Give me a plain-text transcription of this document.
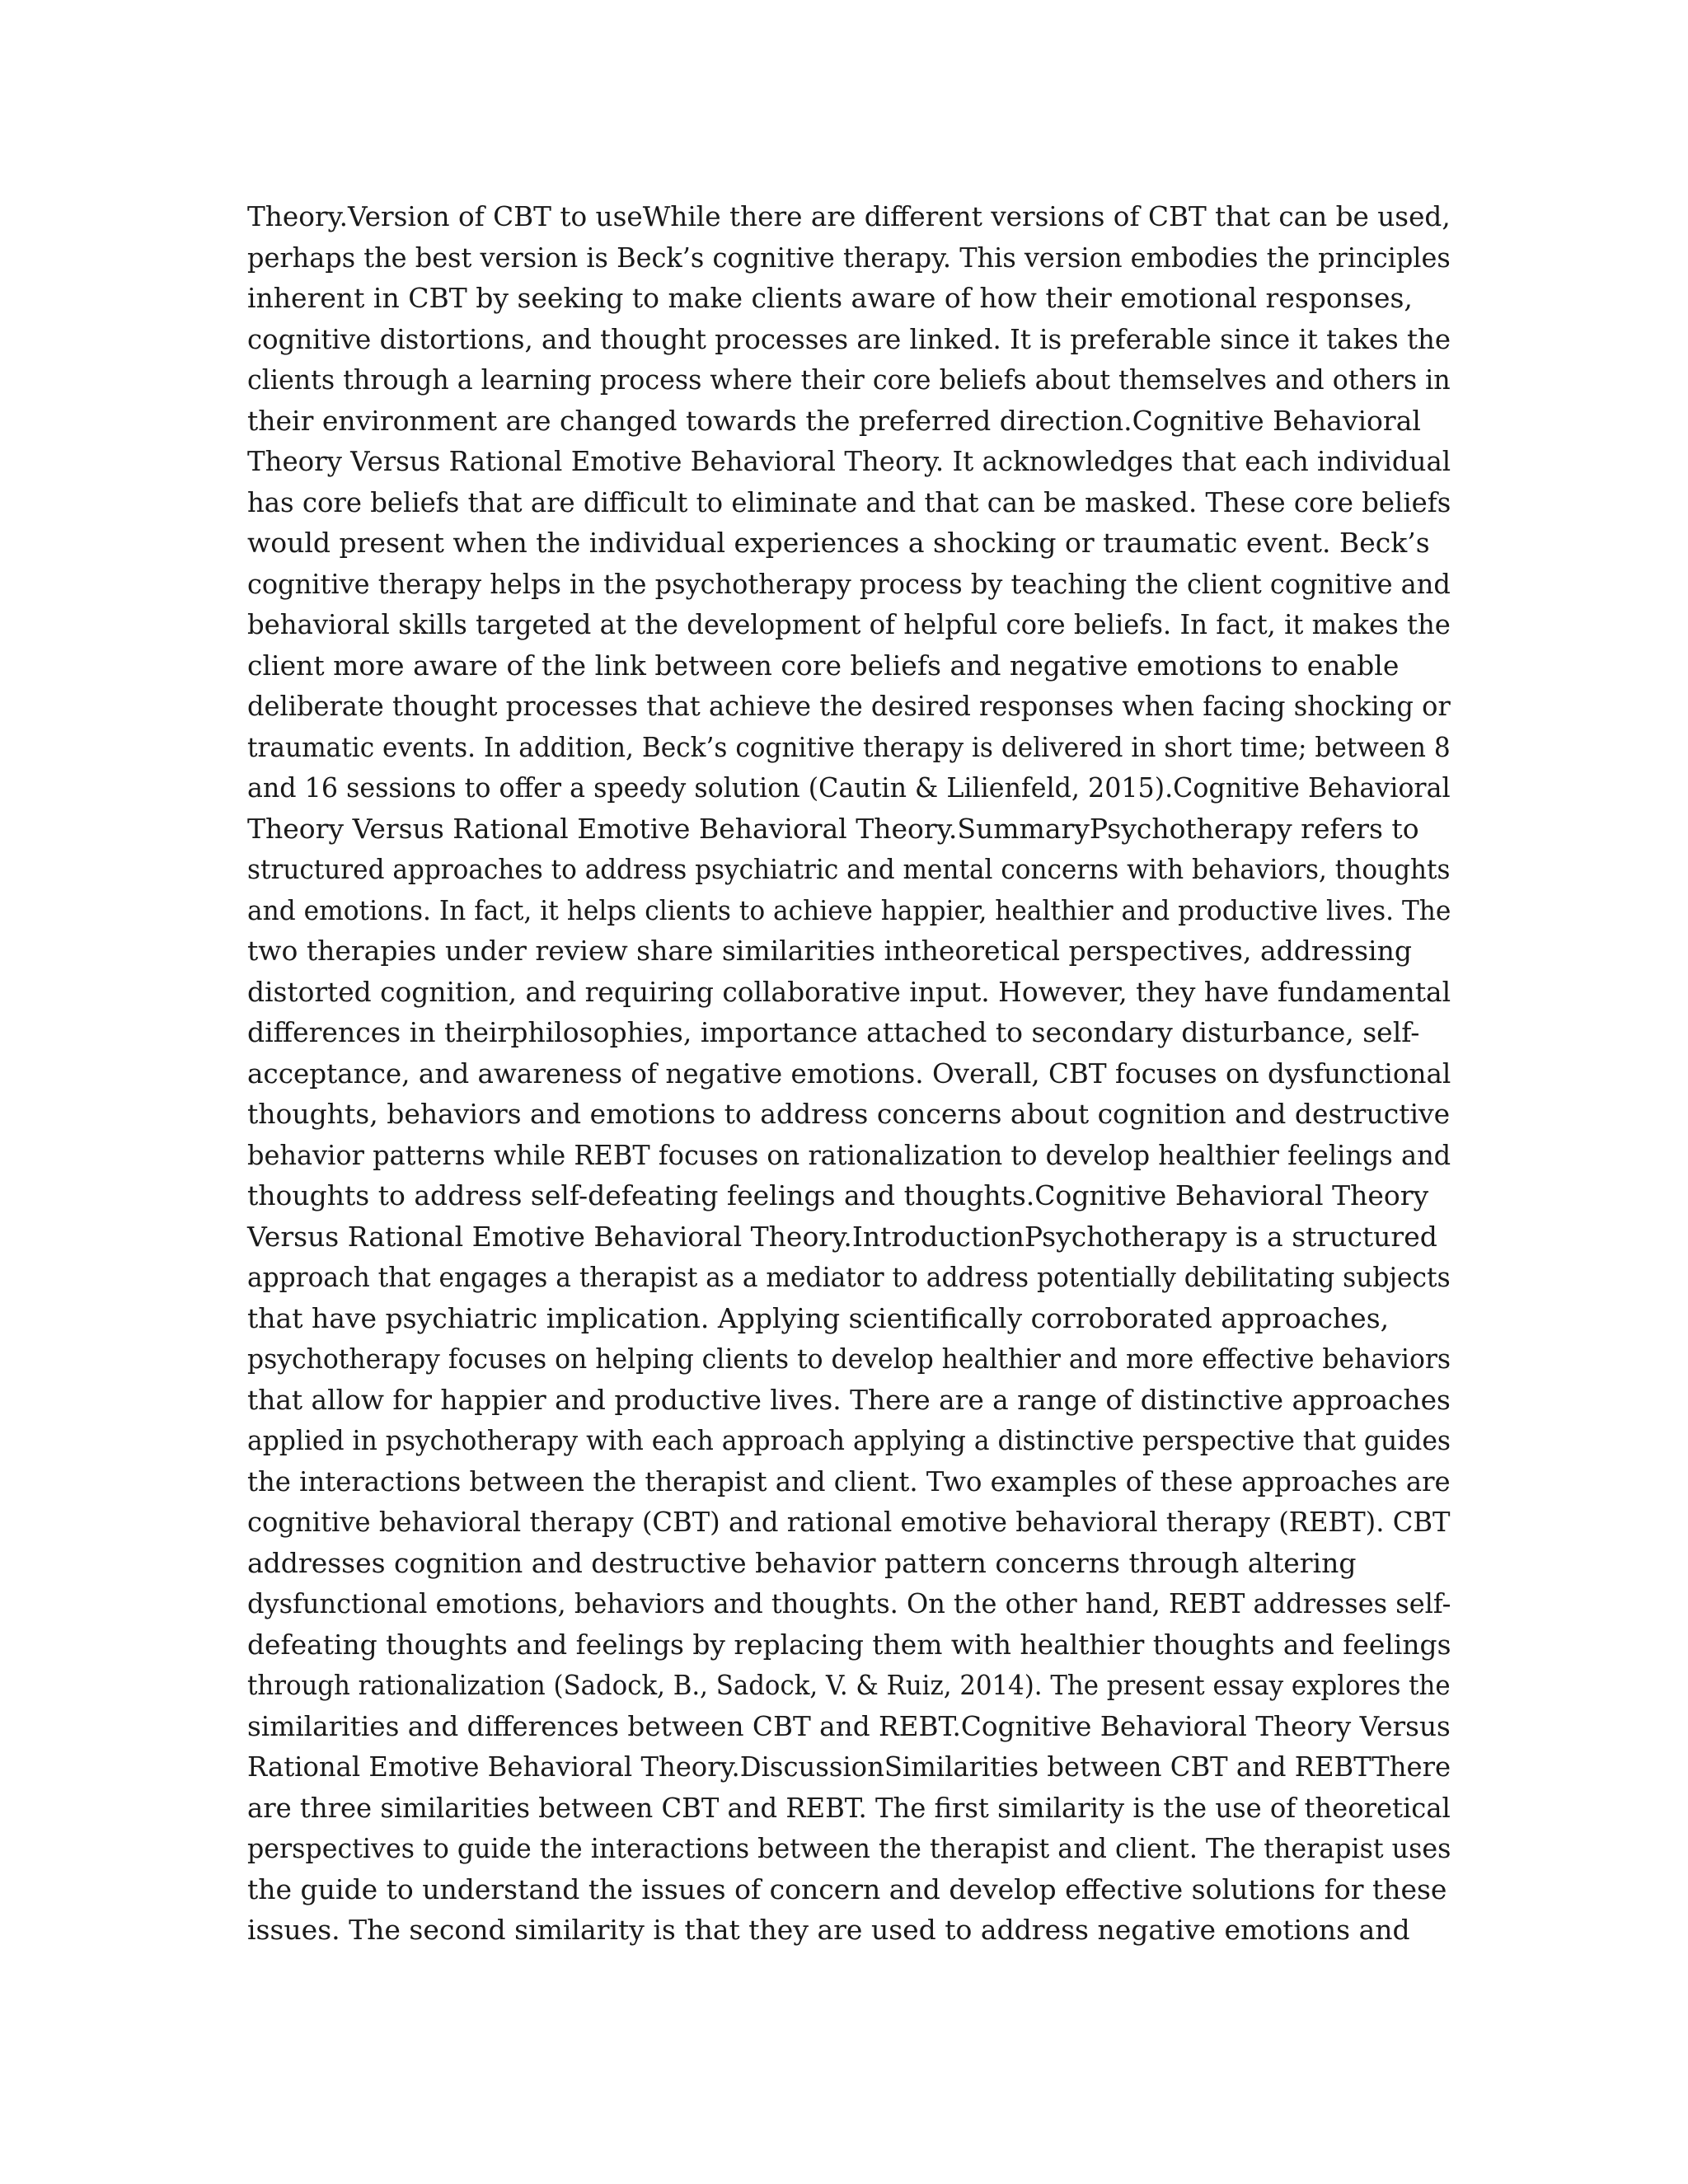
Theory.Version of CBT to useWhile there are different versions of CBT that can be used,
perhaps the best version is Beck’s cognitive therapy. This version embodies the principles
inherent in CBT by seeking to make clients aware of how their emotional responses,
cognitive distortions, and thought processes are linked. It is preferable since it takes the
clients through a learning process where their core beliefs about themselves and others in
their environment are changed towards the preferred direction.Cognitive Behavioral
Theory Versus Rational Emotive Behavioral Theory. It acknowledges that each individual
has core beliefs that are difficult to eliminate and that can be masked. These core beliefs
would present when the individual experiences a shocking or traumatic event. Beck’s
cognitive therapy helps in the psychotherapy process by teaching the client cognitive and
behavioral skills targeted at the development of helpful core beliefs. In fact, it makes the
client more aware of the link between core beliefs and negative emotions to enable
deliberate thought processes that achieve the desired responses when facing shocking or
traumatic events. In addition, Beck’s cognitive therapy is delivered in short time; between 8
and 16 sessions to offer a speedy solution (Cautin & Lilienfeld, 2015).Cognitive Behavioral
Theory Versus Rational Emotive Behavioral Theory.SummaryPsychotherapy refers to
structured approaches to address psychiatric and mental concerns with behaviors, thoughts
and emotions. In fact, it helps clients to achieve happier, healthier and productive lives. The
two therapies under review share similarities intheoretical perspectives, addressing
distorted cognition, and requiring collaborative input. However, they have fundamental
differences in theirphilosophies, importance attached to secondary disturbance, self-
acceptance, and awareness of negative emotions. Overall, CBT focuses on dysfunctional
thoughts, behaviors and emotions to address concerns about cognition and destructive
behavior patterns while REBT focuses on rationalization to develop healthier feelings and
thoughts to address self-defeating feelings and thoughts.Cognitive Behavioral Theory
Versus Rational Emotive Behavioral Theory.IntroductionPsychotherapy is a structured
approach that engages a therapist as a mediator to address potentially debilitating subjects
that have psychiatric implication. Applying scientifically corroborated approaches,
psychotherapy focuses on helping clients to develop healthier and more effective behaviors
that allow for happier and productive lives. There are a range of distinctive approaches
applied in psychotherapy with each approach applying a distinctive perspective that guides
the interactions between the therapist and client. Two examples of these approaches are
cognitive behavioral therapy (CBT) and rational emotive behavioral therapy (REBT). CBT
addresses cognition and destructive behavior pattern concerns through altering
dysfunctional emotions, behaviors and thoughts. On the other hand, REBT addresses self-
defeating thoughts and feelings by replacing them with healthier thoughts and feelings
through rationalization (Sadock, B., Sadock, V. & Ruiz, 2014). The present essay explores the
similarities and differences between CBT and REBT.Cognitive Behavioral Theory Versus
Rational Emotive Behavioral Theory.DiscussionSimilarities between CBT and REBTThere
are three similarities between CBT and REBT. The first similarity is the use of theoretical
perspectives to guide the interactions between the therapist and client. The therapist uses
the guide to understand the issues of concern and develop effective solutions for these
issues. The second similarity is that they are used to address negative emotions and
